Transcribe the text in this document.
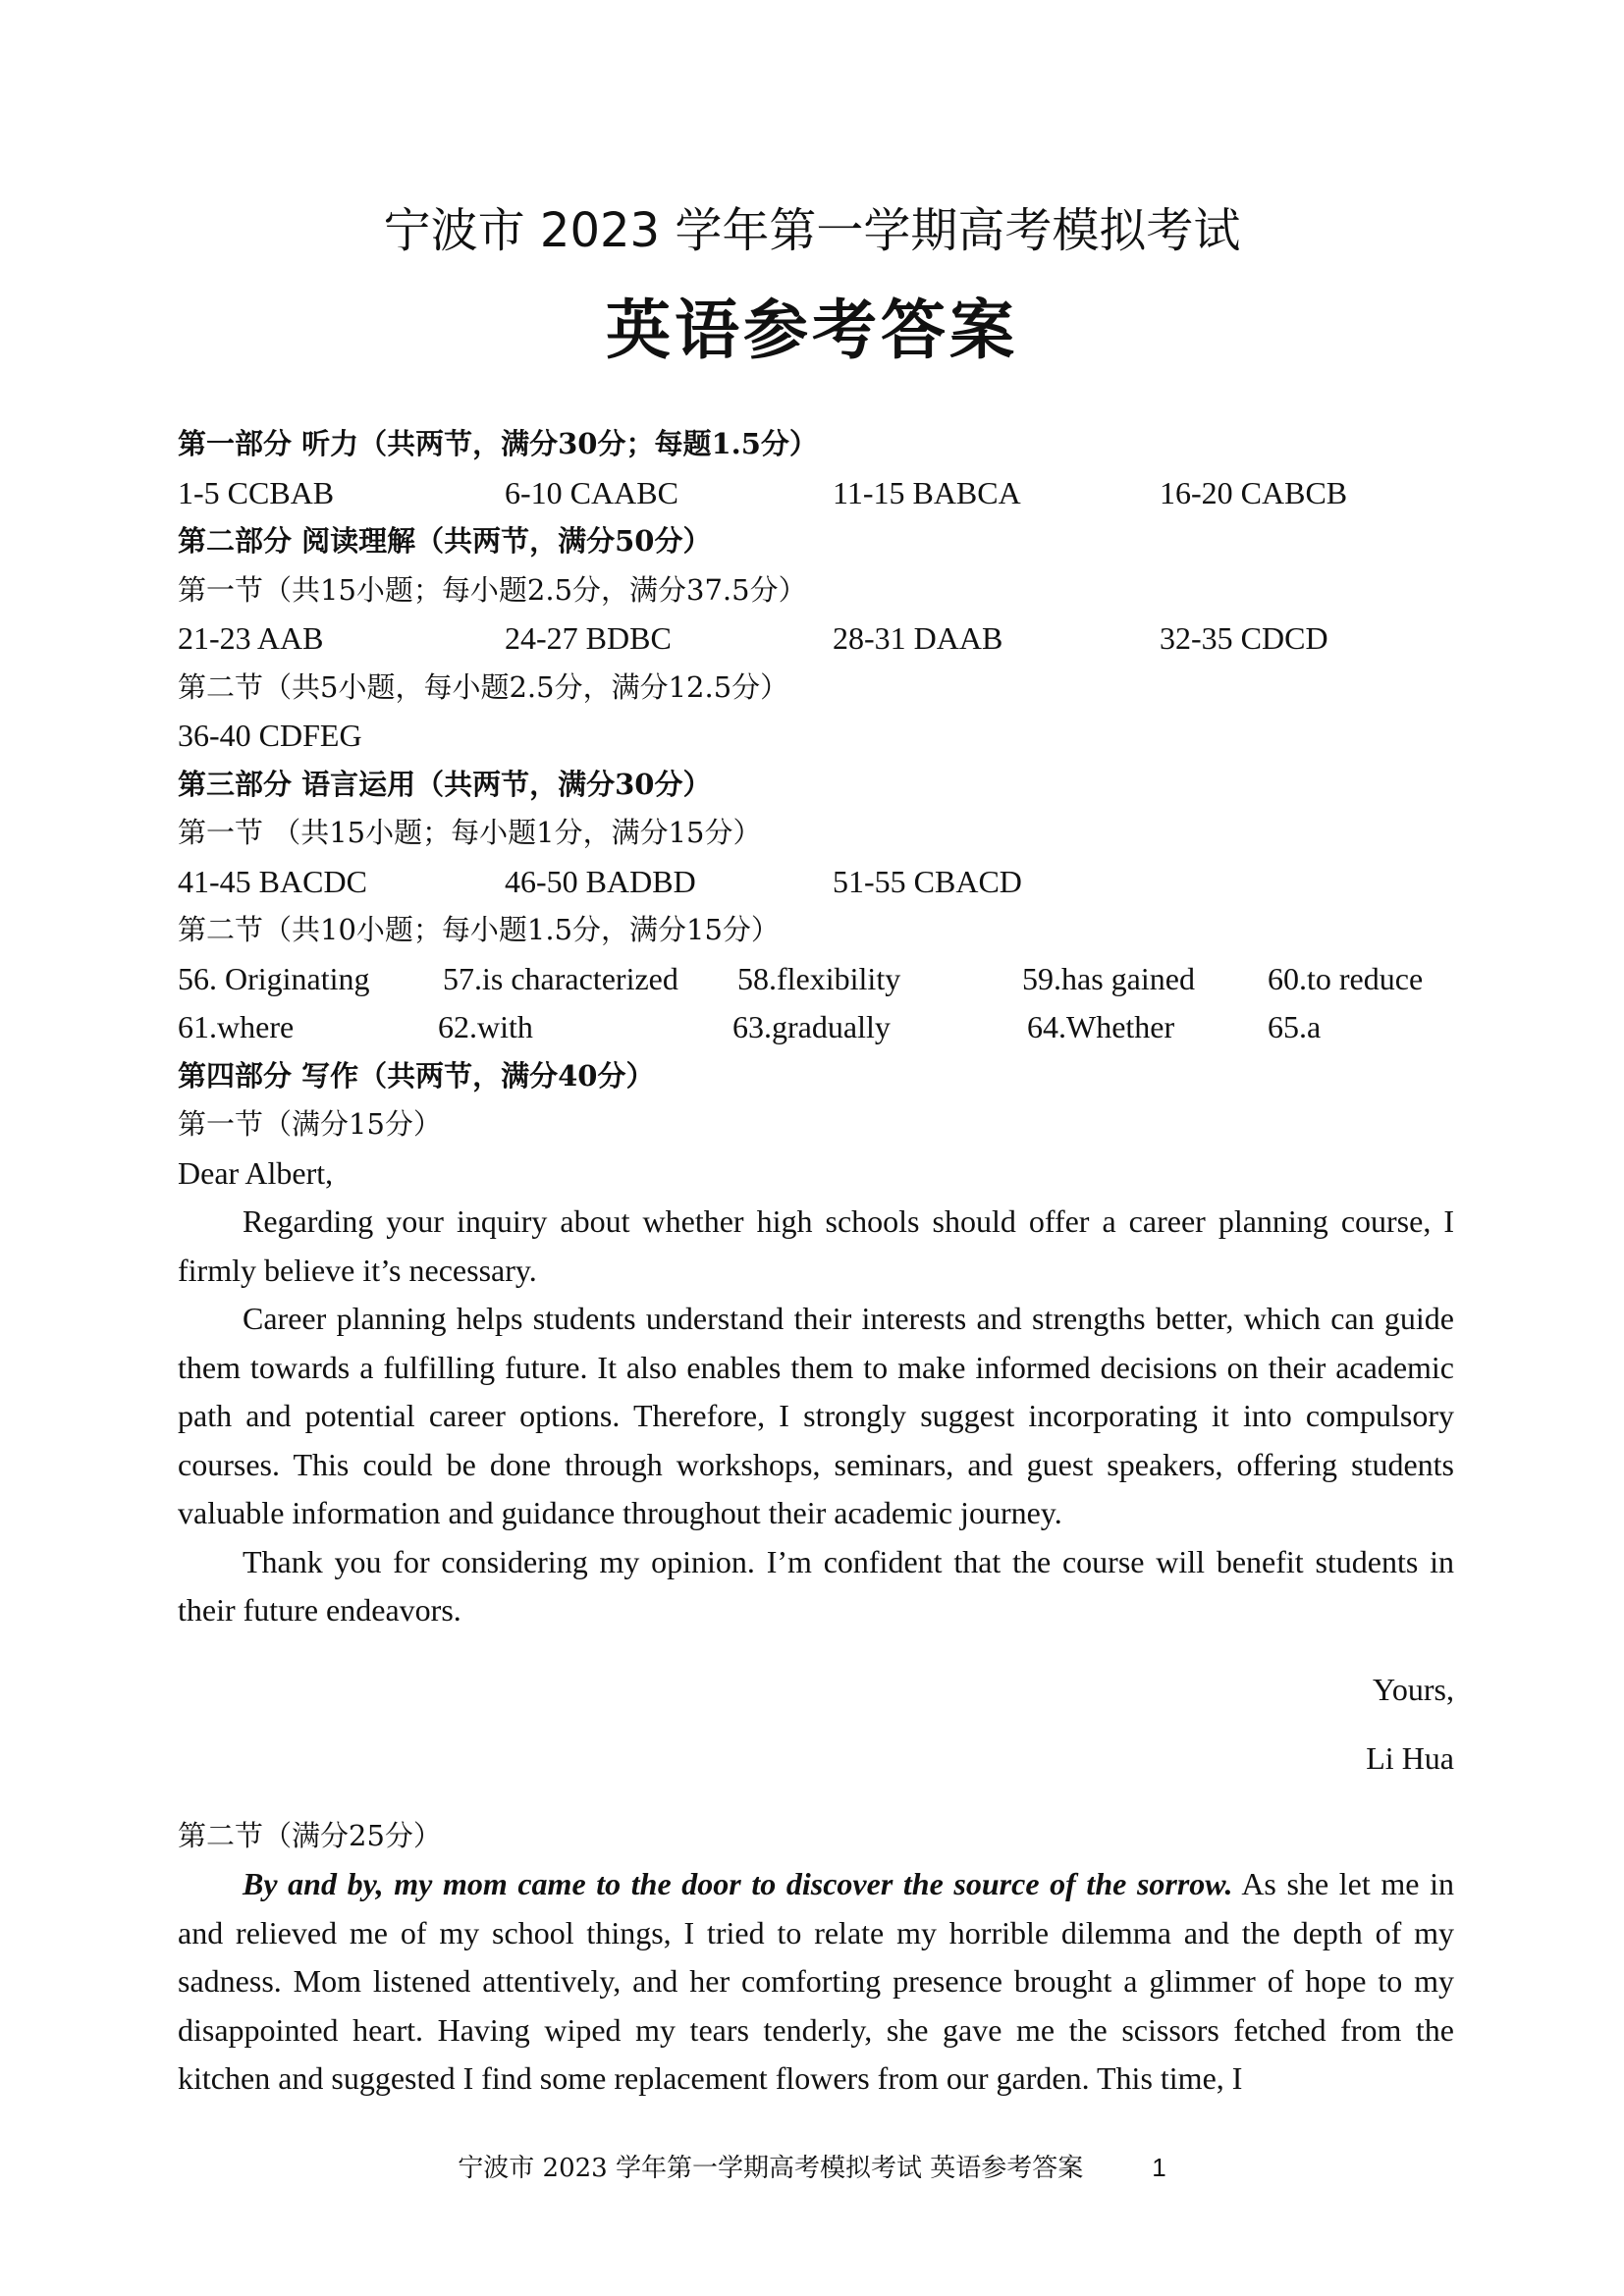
宁波市 2023 学年第一学期高考模拟考试
英语参考答案
第一部分 听力（共两节，满分30分；每题1.5分）
1-5 CCBAB	6-10 CAABC	11-15 BABCA	16-20 CABCB
第二部分 阅读理解（共两节，满分50分）
第一节（共15小题；每小题2.5分，满分37.5分）
21-23 AAB	24-27 BDBC	28-31 DAAB	32-35 CDCD
第二节（共5小题，每小题2.5分，满分12.5分）
36-40 CDFEG
第三部分 语言运用（共两节，满分30分）
第一节 （共15小题；每小题1分，满分15分）
41-45 BACDC	46-50 BADBD	51-55 CBACD
第二节（共10小题；每小题1.5分，满分15分）
56. Originating 57.is characterized 58.flexibility	59.has gained 60.to reduce
61.where	62.with	63.gradually	64.Whether	65.a
第四部分 写作（共两节，满分40分）
第一节（满分15分）
Dear Albert,

Regarding your inquiry about whether high schools should offer a career planning course, I firmly believe it’s necessary.

Career planning helps students understand their interests and strengths better, which can guide them towards a fulfilling future. It also enables them to make informed decisions on their academic path and potential career options. Therefore, I strongly suggest incorporating it into compulsory courses. This could be done through workshops, seminars, and guest speakers, offering students valuable information and guidance throughout their academic journey.

Thank you for considering my opinion. I’m confident that the course will benefit students in their future endeavors.

Yours,
Li Hua
第二节（满分25分）

By and by, my mom came to the door to discover the source of the sorrow. As she let me in and relieved me of my school things, I tried to relate my horrible dilemma and the depth of my sadness. Mom listened attentively, and her comforting presence brought a glimmer of hope to my disappointed heart. Having wiped my tears tenderly, she gave me the scissors fetched from the kitchen and suggested I find some replacement flowers from our garden. This time, I

宁波市 2023 学年第一学期高考模拟考试 英语参考答案	1
